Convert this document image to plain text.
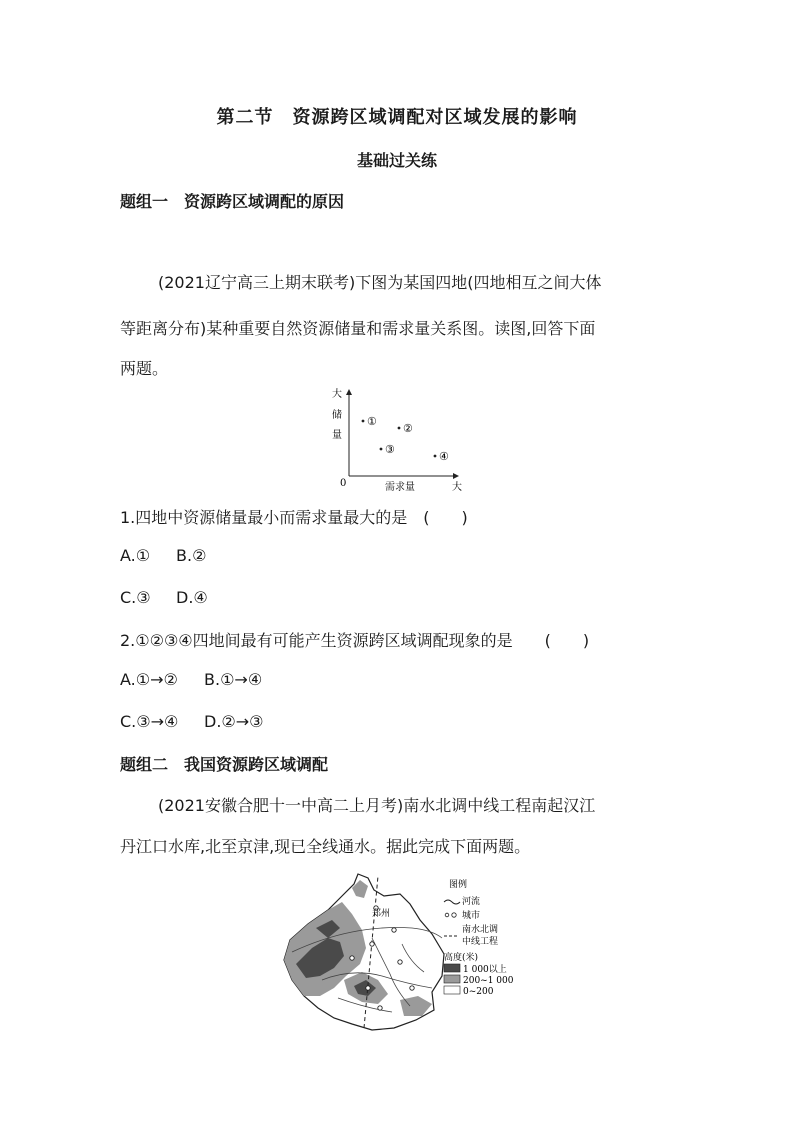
第二节　资源跨区域调配对区域发展的影响
基础过关练
题组一　资源跨区域调配的原因
(2021辽宁高三上期末联考)下图为某国四地(四地相互之间大体
等距离分布)某种重要自然资源储量和需求量关系图。读图,回答下面
两题。
大
储
量
0	需求量	大
①
②
③
④
1.四地中资源储量最小而需求量最大的是　(　　)
A.① B.②
C.③ D.④
2.①②③④四地间最有可能产生资源跨区域调配现象的是　　(　　)
A.①→② B.①→④
C.③→④ D.②→③
题组二　我国资源跨区域调配
(2021安徽合肥十一中高二上月考)南水北调中线工程南起汉江
丹江口水库,北至京津,现已全线通水。据此完成下面两题。
郑州
图例
河流
城市
南水北调
中线工程
高度(米)
1 000以上
200~1 000
0~200
